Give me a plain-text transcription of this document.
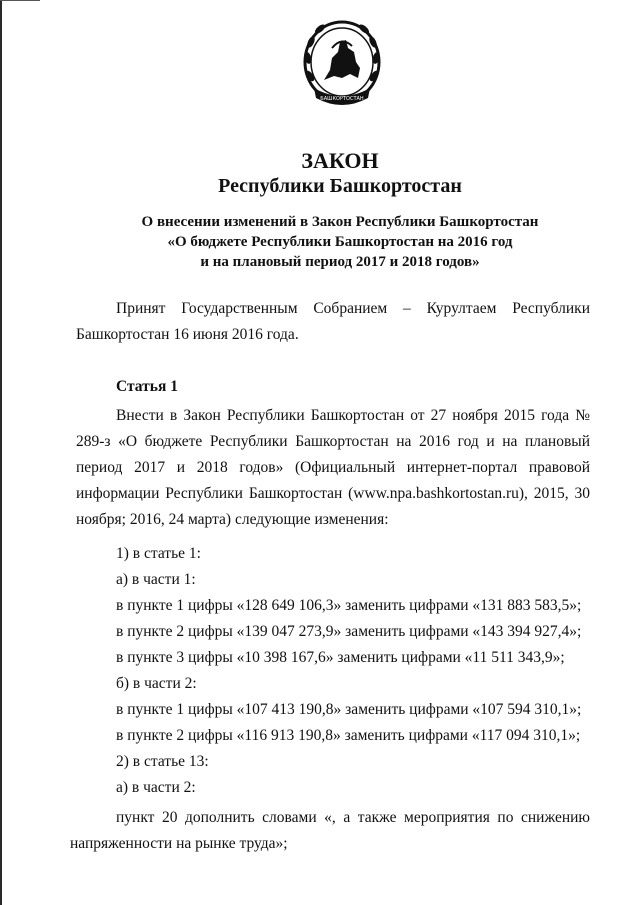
БАШКОРТОСТАН
ЗАКОН
Республики Башкортостан
О внесении изменений в Закон Республики Башкортостан
«О бюджете Республики Башкортостан на 2016 год
и на плановый период 2017 и 2018 годов»
Принят Государственным Собранием – Курултаем Республики Башкортостан 16 июня 2016 года.
Статья 1
Внести в Закон Республики Башкортостан от 27 ноября 2015 года № 289-з «О бюджете Республики Башкортостан на 2016 год и на плановый период 2017 и 2018 годов» (Официальный интернет-портал правовой информации Республики Башкортостан (www.npa.bashkortostan.ru), 2015, 30 ноября; 2016, 24 марта) следующие изменения:
1) в статье 1:
а) в части 1:
в пункте 1 цифры «128 649 106,3» заменить цифрами «131 883 583,5»;
в пункте 2 цифры «139 047 273,9» заменить цифрами «143 394 927,4»;
в пункте 3 цифры «10 398 167,6» заменить цифрами «11 511 343,9»;
б) в части 2:
в пункте 1 цифры «107 413 190,8» заменить цифрами «107 594 310,1»;
в пункте 2 цифры «116 913 190,8» заменить цифрами «117 094 310,1»;
2) в статье 13:
а) в части 2:
пункт 20 дополнить словами «, а также мероприятия по снижению напряженности на рынке труда»;
